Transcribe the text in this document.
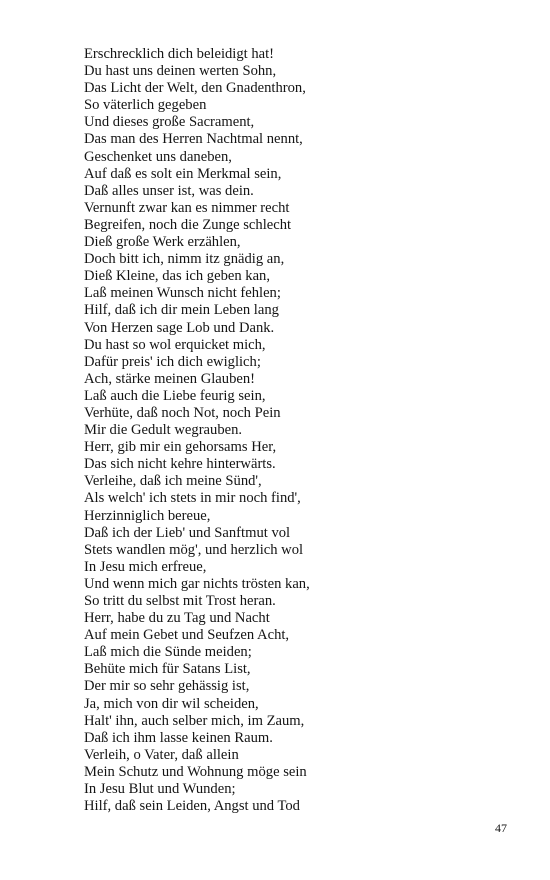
Erschrecklich dich beleidigt hat!
Du hast uns deinen werten Sohn,
Das Licht der Welt, den Gnadenthron,
So väterlich gegeben
Und dieses große Sacrament,
Das man des Herren Nachtmal nennt,
Geschenket uns daneben,
Auf daß es solt ein Merkmal sein,
Daß alles unser ist, was dein.
Vernunft zwar kan es nimmer recht
Begreifen, noch die Zunge schlecht
Dieß große Werk erzählen,
Doch bitt ich, nimm itz gnädig an,
Dieß Kleine, das ich geben kan,
Laß meinen Wunsch nicht fehlen;
Hilf, daß ich dir mein Leben lang
Von Herzen sage Lob und Dank.
Du hast so wol erquicket mich,
Dafür preis' ich dich ewiglich;
Ach, stärke meinen Glauben!
Laß auch die Liebe feurig sein,
Verhüte, daß noch Not, noch Pein
Mir die Gedult wegrauben.
Herr, gib mir ein gehorsams Her,
Das sich nicht kehre hinterwärts.
Verleihe, daß ich meine Sünd',
Als welch' ich stets in mir noch find',
Herzinniglich bereue,
Daß ich der Lieb' und Sanftmut vol
Stets wandlen mög', und herzlich wol
In Jesu mich erfreue,
Und wenn mich gar nichts trösten kan,
So tritt du selbst mit Trost heran.
Herr, habe du zu Tag und Nacht
Auf mein Gebet und Seufzen Acht,
Laß mich die Sünde meiden;
Behüte mich für Satans List,
Der mir so sehr gehässig ist,
Ja, mich von dir wil scheiden,
Halt' ihn, auch selber mich, im Zaum,
Daß ich ihm lasse keinen Raum.
Verleih, o Vater, daß allein
Mein Schutz und Wohnung möge sein
In Jesu Blut und Wunden;
Hilf, daß sein Leiden, Angst und Tod
47
